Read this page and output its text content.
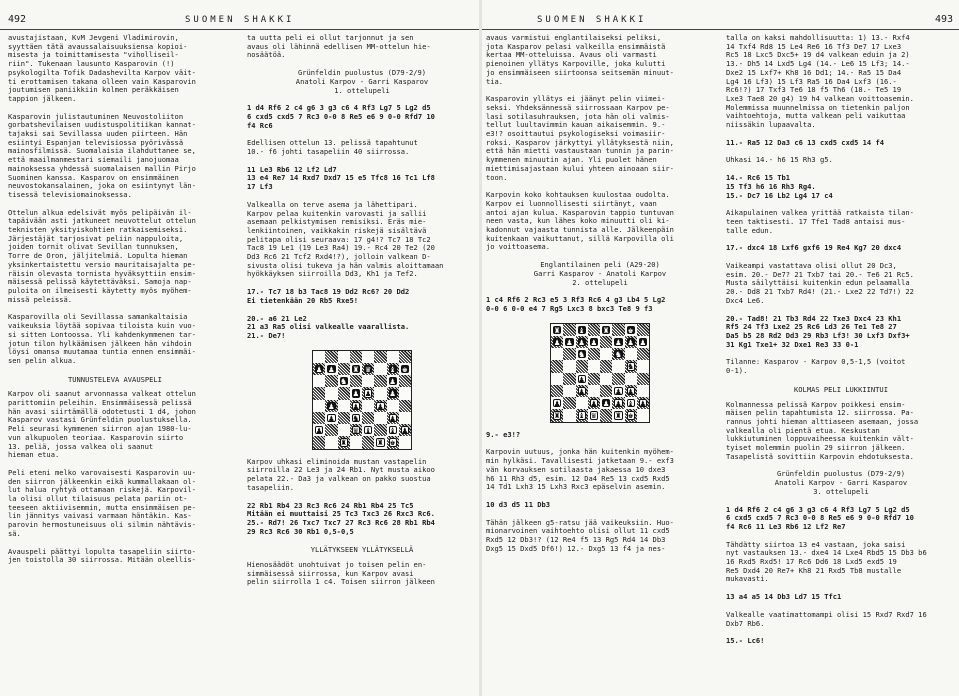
492	SUOMEN SHAKKI

avustajistaan, KvM Jevgeni Vladimirovin,
syyttäen tätä avaussalaisuuksiensa kopioi-
misesta ja toimittamisesta "viholliseil-
riin". Tukenaan lausunto Kasparovin (!)
psykologilta Tofik Dadashevilta Karpov väit-
ti erottamisen takana olleen vain Kasparovin
joutumisen paniikkiin kolmen peräkkäisen
tappion jälkeen.

Kasparovin julistautuminen Neuvostoliiton
gorbatshevilaisen uudistuspolitiikan kannat-
tajaksi sai Sevillassa uuden piirteen. Hän
esiintyi Espanjan televisiossa pyörivässä
mainosfilmissä. Suomalaisia ilahduttanee se,
että maailmanmestari siemaili janojuomaa
mainoksessa yhdessä suomalaisen mallin Pirjo
Suominen kanssa. Kasparov on ensimmäinen
neuvostokansalainen, joka on esiintynyt län-
tisessä televisiomainoksessa.

Ottelun alkua edelsivät myös pelipäivän il-
tapäivään asti jatkuneet neuvottelut ottelun
teknisten yksityiskohtien ratkaisemiseksi.
Järjestäjät tarjosivat peliin nappuloita,
joiden tornit olivat Sevillan tunnuksen,
Torre de Oron, jäljitelmiä. Lopulta hieman
yksinkertaistettu versio mauritaisajalta pe-
räisin olevasta tornista hyväksyttiin ensim-
mäisessä pelissä käytettäväksi. Samoja nap-
puloita on ilmeisesti käytetty myös myöhem-
missä peleissä.

Kasparovilla oli Sevillassa samankaltaisia
vaikeuksia löytää sopivaa tiloista kuin vuo-
si sitten Lontoossa. Yli kahdenkymmenen tar-
jotun tilon hylkäämisen jälkeen hän vihdoin
löysi omansa muutamaa tuntia ennen ensimmäi-
sen pelin alkua.

TUNNUSTELEVA AVAUSPELI

Karpov oli saanut arvonnassa valkeat ottelun
parittomiin peleihin. Ensimmäisessä pelissä
hän avasi siirtämällä odotetusti 1 d4, johon
Kasparov vastasi Grünfeldin puolustuksella.
Peli seurasi kymmenen siirron ajan 1980-lu-
vun alkupuolen teoriaa. Kasparovin siirto
13. peliä, jossa valkea oli saanut
hieman etua.

Peli eteni melko varovaisesti Kasparovin uu-
den siirron jälkeenkin eikä kummallakaan ol-
lut halua ryhtyä ottamaan riskejä. Karpovil-
la olisi ollut tilaisuus pelata pariin ot-
teeseen aktiivisemmin, mutta ensimmäisen pe-
lin jännitys vaivasi varmaan häntäkin. Kas-
parovin hermostuneisuus oli silmin nähtävis-
sä.

Avauspeli päättyi lopulta tasapeliin siirto-
jen toistolla 30 siirrossa. Mitään oleellis-

ta uutta peli ei ollut tarjonnut ja sen
avaus oli lähinnä edellisen MM-ottelun hie-
nosäätöä.

Grünfeldin puolustus (D79-2/9)
Anatoli Karpov - Garri Kasparov
1. ottelupeli

1 d4 Rf6 2 c4 g6 3 g3 c6 4 Rf3 Lg7 5 Lg2 d5
6 cxd5 cxd5 7 Rc3 0-0 8 Re5 e6 9 0-0 Rfd7 10
f4 Rc6

Edellisen ottelun 13. pelissä tapahtunut
10.- f6 johti tasapeliin 40 siirrossa.

11 Le3 Rb6 12 Lf2 Ld7
13 e4 Re7 14 Rxd7 Dxd7 15 e5 Tfc8 16 Tc1 Lf8
17 Lf3

Valkealla on terve asema ja lähettipari.
Karpov pelaa kuitenkin varovasti ja sallii
asemaan pelkistymisen remisiksi. Eräs mie-
lenkiintoinen, vaikkakin riskejä sisältävä
pelitapa olisi seuraava: 17 g4!? Tc7 18 Tc2
Tac8 19 Le1 (19 Le3 Ra4) 19.- Rc4 20 Te2 (20
Dd3 Rc6 21 Tcf2 Rxd4!?), jolloin valkean D-
sivusta olisi tukeva ja hän valmis aloittamaan
hyökkäyksen siirroilla Dd3, Kh1 ja Tef2.

17.- Tc7 18 b3 Tac8 19 Dd2 Rc6? 20 Dd2
Ei tietenkään 20 Rb5 Rxe5!

20.- a6 21 Le2
21 a3 Ra5 olisi valkealle vaarallista.
21.- De7!

♟ ♟ ♜ ♛ ♝ ♚
♞	♟
♟ ♟ ♟
♟ ♟ ♟
♟ ♞	♟
♟	♛ ♝ ♝ ♟
♜	♜ ♚

Karpov uhkasi eliminoida mustan vastapelin
siirroilla 22 Le3 ja 24 Rb1. Nyt musta aikoo
pelata 22.- Da3 ja valkean on pakko suostua
tasapeliin.

22 Rb1 Rb4 23 Rc3 Rc6 24 Rb1 Rb4 25 Tc5
Mitään ei muuttaisi 25 Tc3 Txc3 26 Rxc3 Rc6.
25.- Rd7! 26 Txc7 Txc7 27 Rc3 Rc6 28 Rb1 Rb4
29 Rc3 Rc6 30 Rb1 0,5-0,5

YLLÄTYKSEEN YLLÄTYKSELLÄ

Hienosäädöt unohtuivat jo toisen pelin en-
simmäisessä siirrossa, kun Karpov avasi
pelin siirrolla 1 c4. Toisen siirron jälkeen

SUOMEN SHAKKI	493

avaus varmistui englantilaiseksi peliksi,
jota Kasparov pelasi valkeilla ensimmäistä
kertaa MM-otteluissa. Avaus oli varmasti
pienoinen yllätys Karpoville, joka kulutti
jo ensimmäiseen siirtoonsa seitsemän minuut-
tia.

Kasparovin yllätys ei jäänyt pelin viimei-
seksi. Yhdeksännessä siirrossaan Karpov pe-
lasi sotilasuhrauksen, jota hän oli valmis-
tellut luultavimmin kauan aikaisemmin. 9.-
e3!? osoittautui psykologiseksi voimasiir-
roksi. Kasparov järkyttyi yllätyksestä niin,
että hän mietti vastaustaan tunnin ja parin-
kymmenen minuutin ajan. Yli puolet hänen
miettimisajastaan kului yhteen ainoaan siir-
toon.

Karpovin koko kohtauksen kuulostaa oudolta.
Karpov ei luonnollisesti siirtänyt, vaan
antoi ajan kulua. Kasparovin tappio tuntuvan
neen vasta, kun lähes koko minuutti oli ki-
kadonnut vajaasta tunnista alle. Jälkeenpäin
kuitenkaan vaikuttanut, sillä Karpovilla oli
jo voittoasema.

Englantilainen peli (A29-20)
Garri Kasparov - Anatoli Karpov
2. ottelupeli

1 c4 Rf6 2 Rc3 e5 3 Rf3 Rc6 4 g3 Lb4 5 Lg2
0-0 6 0-0 e4 7 Rg5 Lxc3 8 bxc3 Te8 9 f3

♜ ♝ ♜ ♚
♟ ♟ ♟ ♟ ♟ ♟ ♟
♞	♞
♞
♟
♟	♟ ♟
♟	♟ ♟ ♟ ♝ ♟
♜ ♝ ♛ ♜ ♚

9.- e3!?

Karpovin uutuus, jonka hän kuitenkin myöhem-
min hylkäsi. Tavallisesti jatketaan 9.- exf3
vän korvauksen sotilaasta jakaessa 10 dxe3
h6 11 Rh3 d5, esim. 12 Da4 Re5 13 cxd5 Rxd5
14 Td1 Lxh3 15 Lxh3 Rxc3 epäselvin asemin.

10 d3 d5 11 Db3

Tähän jälkeen g5-ratsu jää vaikeuksiin. Huo-
mionarvoinen vaihtoehto olisi ollut 11 cxd5
Rxd5 12 Db3!? (12 Re4 f5 13 Rg5 Rd4 14 Db3
Dxg5 15 Dxd5 Df6!) 12.- Dxg5 13 f4 ja nes-

talla on kaksi mahdollisuutta: 1) 13.- Rxf4
14 Txf4 Rd8 15 Le4 Re6 16 Tf3 De7 17 Lxe3
Rc5 18 Lxc5 Dxc5+ 19 d4 valkean eduin ja 2)
13.- Dh5 14 Lxd5 Lg4 (14.- Le6 15 Lf3; 14.-
Dxe2 15 Lxf7+ Kh8 16 Dd1; 14.- Ra5 15 Da4
Lg4 16 Lf3) 15 Lf3 Ra5 16 Da4 Lxf3 (16.-
Rc6!?) 17 Txf3 Te6 18 f5 Th6 (18.- Te5 19
Lxe3 Tae8 20 g4) 19 h4 valkean voittoasemin.
Molemmissa muunnelmissa on tietenkin paljon
vaihtoehtoja, mutta valkean peli vaikuttaa
niissäkin lupaavalta.

11.- Ra5 12 Da3 c6 13 cxd5 cxd5 14 f4

Uhkasi 14.- h6 15 Rh3 g5.

14.- Rc6 15 Tb1
15 Tf3 h6 16 Rh3 Rg4.
15.- Dc7 16 Lb2 Lg4 17 c4

Aikapulainen valkea yrittää ratkaista tilan-
teen taktisesti. 17 Tfe1 Tad8 antaisi mus-
talle edun.

17.- dxc4 18 Lxf6 gxf6 19 Re4 Kg7 20 dxc4

Vaikeampi vastattava olisi ollut 20 Dc3,
esim. 20.- De7? 21 Txb7 tai 20.- Te6 21 Rc5.
Musta säilyttäisi kuitenkin edun pelaamalla
20.- Dd8 21 Txb7 Rd4! (21.- Lxe2 22 Td7!) 22
Dxc4 Le6.

20.- Tad8! 21 Tb3 Rd4 22 Txe3 Dxc4 23 Kh1
Rf5 24 Tf3 Lxe2 25 Rc6 Ld3 26 Te1 Te8 27
Da5 b5 28 Rd2 Dd3 29 Rb3 Lf3! 30 Lxf3 Dxf3+
31 Kg1 Txe1+ 32 Dxe1 Re3 33 0-1

Tilanne: Kasparov - Karpov 0,5-1,5 (voitot
0-1).

KOLMAS PELI LUKKIINTUI

Kolmannessa pelissä Karpov poikkesi ensim-
mäisen pelin tapahtumista 12. siirrossa. Pa-
rannus johti hieman alttiaseen asemaan, jossa
valkealla oli pientä etua. Keskustan
lukkiutuminen loppuvaiheessa kuitenkin vält-
tyiset molemmin puolin 29 siirron jälkeen.
Tasapelistä sovittiin Karpovin ehdotuksesta.

Grünfeldin puolustus (D79-2/9)
Anatoli Karpov - Garri Kasparov
3. ottelupeli

1 d4 Rf6 2 c4 g6 3 g3 c6 4 Rf3 Lg7 5 Lg2 d5
6 cxd5 cxd5 7 Rc3 0-0 8 Re5 e6 9 0-0 Rfd7 10
f4 Rc6 11 Le3 Rb6 12 Lf2 Re7

Tähdätty siirtoa 13 e4 vastaan, joka saisi
nyt vastauksen 13.- dxe4 14 Lxe4 Rbd5 15 Db3 b6
16 Rxd5 Rxd5! 17 Rc6 Dd6 18 Lxd5 exd5 19
Re5 Dxd4 20 Re7+ Kh8 21 Rxd5 Tb8 mustalle
mukavasti.

13 a4 a5 14 Db3 Ld7 15 Tfc1

Valkealle vaatimattomampi olisi 15 Rxd7 Rxd7 16
Dxb7 Rb6.

15.- Lc6!
